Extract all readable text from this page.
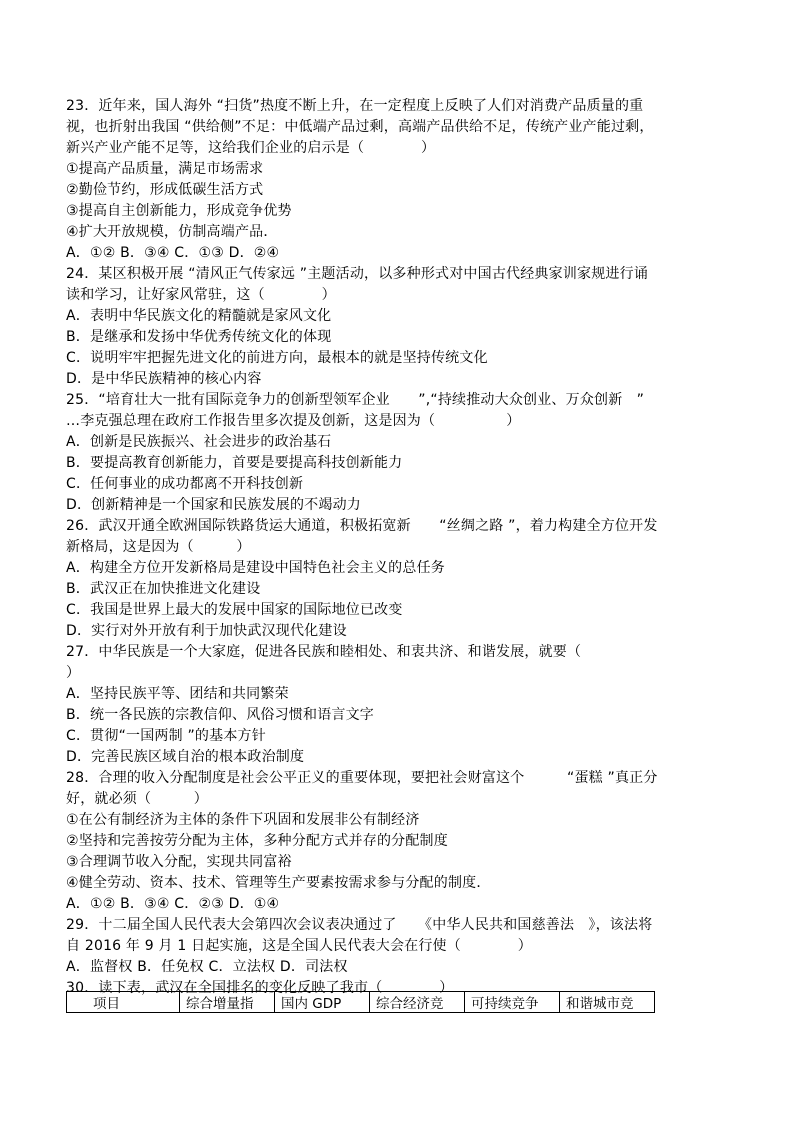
23．近年来，国人海外 “扫货”热度不断上升，在一定程度上反映了人们对消费产品质量的重
视，也折射出我国 “供给侧”不足：中低端产品过剩，高端产品供给不足，传统产业产能过剩，
新兴产业产能不足等，这给我们企业的启示是（　　　　）
①提高产品质量，满足市场需求
②勤俭节约，形成低碳生活方式
③提高自主创新能力，形成竞争优势
④扩大开放规模，仿制高端产品．
A．①② B．③④ C．①③ D．②④
24．某区积极开展 “清风正气传家远 ”主题活动，以多种形式对中国古代经典家训家规进行诵
读和学习，让好家风常驻，这（　　　　）
A．表明中华民族文化的精髓就是家风文化
B．是继承和发扬中华优秀传统文化的体现
C．说明牢牢把握先进文化的前进方向，最根本的就是坚持传统文化
D．是中华民族精神的核心内容
25．“培育壮大一批有国际竞争力的创新型领军企业　　”,“持续推动大众创业、万众创新　”
…李克强总理在政府工作报告里多次提及创新，这是因为（　　　　　）
A．创新是民族振兴、社会进步的政治基石
B．要提高教育创新能力，首要是要提高科技创新能力
C．任何事业的成功都离不开科技创新
D．创新精神是一个国家和民族发展的不竭动力
26．武汉开通全欧洲国际铁路货运大通道，积极拓宽新　　“丝绸之路 ”，着力构建全方位开发
新格局，这是因为（　　　）
A．构建全方位开发新格局是建设中国特色社会主义的总任务
B．武汉正在加快推进文化建设
C．我国是世界上最大的发展中国家的国际地位已改变
D．实行对外开放有利于加快武汉现代化建设
27．中华民族是一个大家庭，促进各民族和睦相处、和衷共济、和谐发展，就要（
）
A．坚持民族平等、团结和共同繁荣
B．统一各民族的宗教信仰、风俗习惯和语言文字
C．贯彻“一国两制 ”的基本方针
D．完善民族区域自治的根本政治制度
28．合理的收入分配制度是社会公平正义的重要体现，要把社会财富这个　　　“蛋糕 ”真正分
好，就必须（　　　）
①在公有制经济为主体的条件下巩固和发展非公有制经济
②坚持和完善按劳分配为主体，多种分配方式并存的分配制度
③合理调节收入分配，实现共同富裕
④健全劳动、资本、技术、管理等生产要素按需求参与分配的制度．
A．①② B．③④ C．②③ D．①④
29．十二届全国人民代表大会第四次会议表决通过了　　《中华人民共和国慈善法　》，该法将
自 2016 年 9 月 1 日起实施，这是全国人民代表大会在行使（　　　　）
A．监督权 B．任免权 C．立法权 D．司法权
30．读下表，武汉在全国排名的变化反映了我市（　　　　）
项目	综合增量指	国内 GDP	综合经济竞	可持续竞争	和谐城市竞
